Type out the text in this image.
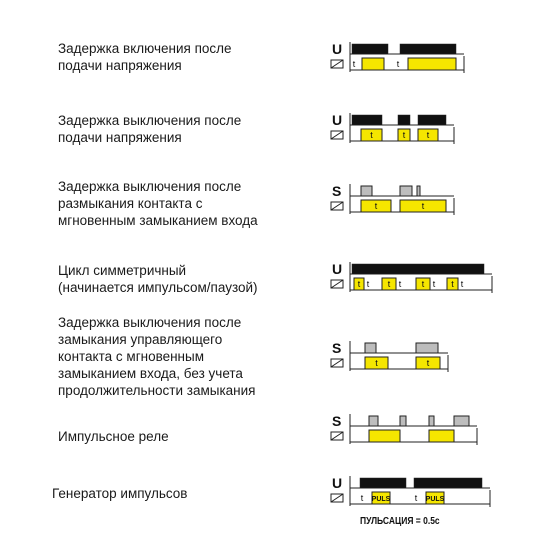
Задержка включения после
подачи напряжения
U
t	t
Задержка выключения после
подачи напряжения
U
t	t t
Задержка выключения после
размыкания контакта с
мгновенным замыканием входа
S
t	t
Цикл симметричный
(начинается импульсом/паузой)
U
t	t	t	t
t	t	t	t
Задержка выключения после
замыкания управляющего
контакта с мгновенным
замыканием входа, без учета
продолжительности замыкания
S
t	t
Импульсное реле
S
Генератор импульсов
U
PULS	PULS
t	t

ПУЛЬСАЦИЯ = 0.5с
